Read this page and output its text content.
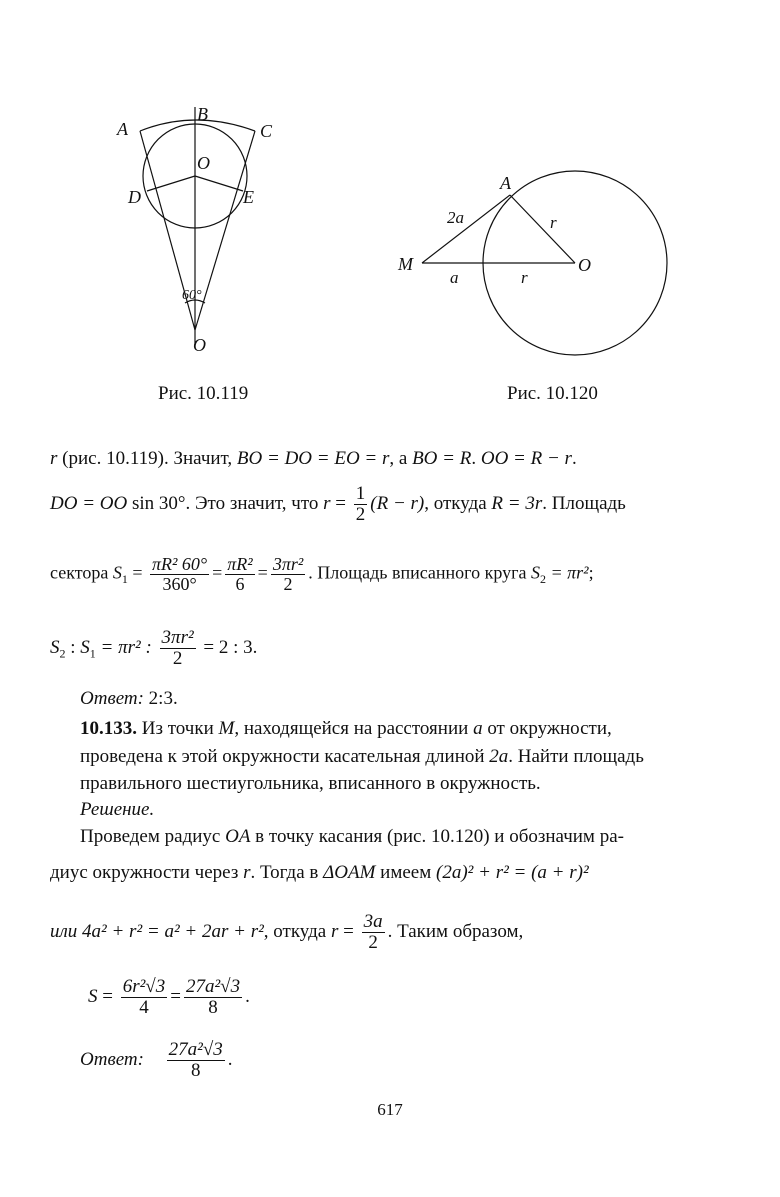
A
B
C
O
D	E
60°
O
Рис. 10.119
A
M	O
2a	r
a	r
Рис. 10.120
r (рис. 10.119). Значит, BO = DO = EO = r, а BO = R. OO = R − r.
DO = OO sin 30°. Это значит, что $r = \frac{1}{2} (R - r)$, откуда R = 3r. Площадь
сектора $S_1 = \frac{\text{πR² 60°}}{360^\circ} = \frac{\text{πR²}}{6} = \frac{\text{3πr²}}{2}$ . Площадь вписанного круга $S_2 = \pi r^2$;
$S_2$ : $S_1 = \pi r^2$ : $\frac{\text{3πr²}}{2} = 2$ : 3.
Ответ: 2:3.
10.133. Из точки M, находящейся на расстоянии a от окружности,
проведена к этой окружности касательная длиной 2a. Найти площадь
правильного шестиугольника, вписанного в окружность.
Решение.
Проведем радиус OA в точку касания (рис. 10.120) и обозначим ра-
диус окружности через r. Тогда в ΔOAM имеем (2a)² + r² = (a + r)²
или 4a² + r² = a² + 2ar + r², откуда $r = \frac{3a}{2}$ . Таким образом,
$S = \frac{\text{6r²√3}}{4} = \frac{\text{27a²√3}}{8}$ .
Ответ: $\frac{\text{27a²√3}}{8}$ .
617
